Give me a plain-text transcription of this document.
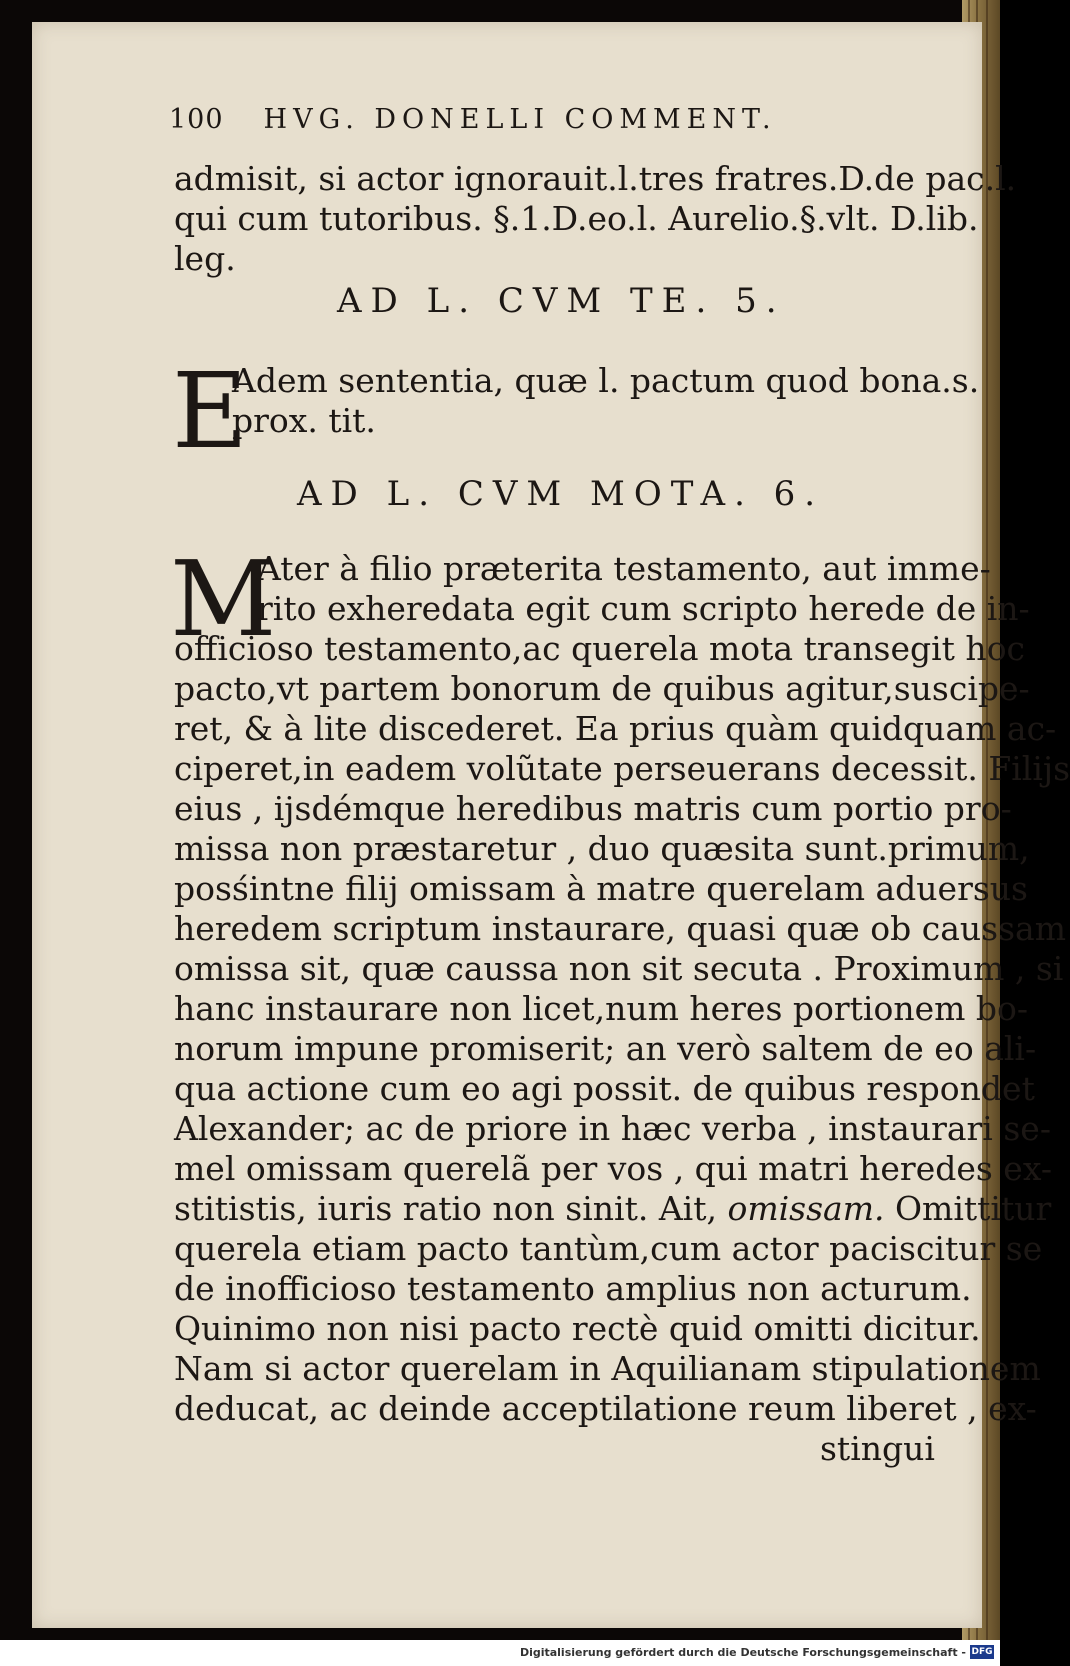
100 HVG. DONELLI COMMENT.
admisit, si actor ignorauit.l.tres fratres.D.de pac.l.
qui cum tutoribus. §.1.D.eo.l. Aurelio.§.vlt. D.lib.
leg.
AD L. CVM TE. 5.
E
Adem sententia, quæ l. pactum quod bona.s.
prox. tit.
AD L. CVM MOTA. 6.
M
Ater à filio præterita testamento, aut imme-
rito exheredata egit cum scripto herede de in-
officioso testamento,ac querela mota transegit hoc
pacto,vt partem bonorum de quibus agitur,suscipe-
ret, & à lite discederet. Ea prius quàm quidquam ac-
ciperet,in eadem volũtate perseuerans decessit. Filijs
eius , ijsdémque heredibus matris cum portio pro-
missa non præstaretur , duo quæsita sunt.primum,
posśintne filij omissam à matre querelam aduersus
heredem scriptum instaurare, quasi quæ ob caussam
omissa sit, quæ caussa non sit secuta . Proximum , si
hanc instaurare non licet,num heres portionem bo-
norum impune promiserit; an verò saltem de eo ali-
qua actione cum eo agi possit. de quibus respondet
Alexander; ac de priore in hæc verba , instaurari se-
mel omissam querelã per vos , qui matri heredes ex-
stitistis, iuris ratio non sinit. Ait, omissam. Omittitur
querela etiam pacto tantùm,cum actor paciscitur se
de inofficioso testamento amplius non acturum.
Quinimo non nisi pacto rectè quid omitti dicitur.
Nam si actor querelam in Aquilianam stipulationem
deducat, ac deinde acceptilatione reum liberet , ex-
stingui
Digitalisierung gefördert durch die Deutsche Forschungsgemeinschaft - DFG
